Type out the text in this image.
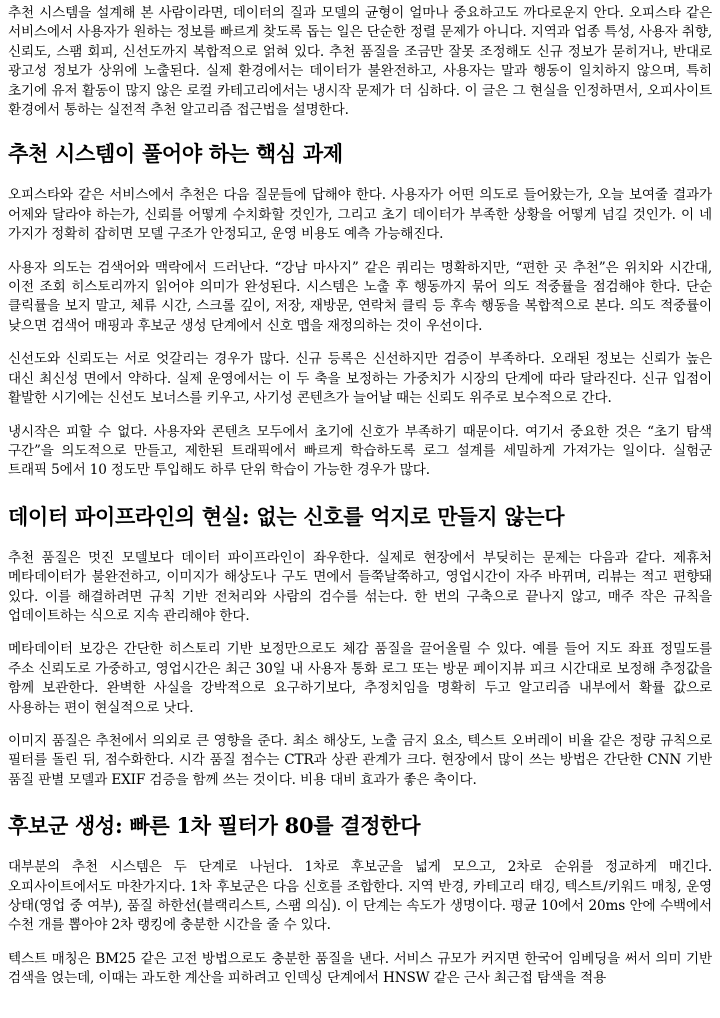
추천 시스템을 설계해 본 사람이라면, 데이터의 질과 모델의 균형이 얼마나 중요하고도 까다로운지 안다. 오피스타 같은 서비스에서 사용자가 원하는 정보를 빠르게 찾도록 돕는 일은 단순한 정렬 문제가 아니다. 지역과 업종 특성, 사용자 취향, 신뢰도, 스팸 회피, 신선도까지 복합적으로 얽혀 있다. 추천 품질을 조금만 잘못 조정해도 신규 정보가 묻히거나, 반대로 광고성 정보가 상위에 노출된다. 실제 환경에서는 데이터가 불완전하고, 사용자는 말과 행동이 일치하지 않으며, 특히 초기에 유저 활동이 많지 않은 로컬 카테고리에서는 냉시작 문제가 더 심하다. 이 글은 그 현실을 인정하면서, 오피사이트 환경에서 통하는 실전적 추천 알고리즘 접근법을 설명한다.

추천 시스템이 풀어야 하는 핵심 과제

오피스타와 같은 서비스에서 추천은 다음 질문들에 답해야 한다. 사용자가 어떤 의도로 들어왔는가, 오늘 보여줄 결과가 어제와 달라야 하는가, 신뢰를 어떻게 수치화할 것인가, 그리고 초기 데이터가 부족한 상황을 어떻게 넘길 것인가. 이 네 가지가 정확히 잡히면 모델 구조가 안정되고, 운영 비용도 예측 가능해진다.

사용자 의도는 검색어와 맥락에서 드러난다. “강남 마사지” 같은 쿼리는 명확하지만, “편한 곳 추천”은 위치와 시간대, 이전 조회 히스토리까지 읽어야 의미가 완성된다. 시스템은 노출 후 행동까지 묶어 의도 적중률을 점검해야 한다. 단순 클릭률을 보지 말고, 체류 시간, 스크롤 깊이, 저장, 재방문, 연락처 클릭 등 후속 행동을 복합적으로 본다. 의도 적중률이 낮으면 검색어 매핑과 후보군 생성 단계에서 신호 맵을 재정의하는 것이 우선이다.

신선도와 신뢰도는 서로 엇갈리는 경우가 많다. 신규 등록은 신선하지만 검증이 부족하다. 오래된 정보는 신뢰가 높은 대신 최신성 면에서 약하다. 실제 운영에서는 이 두 축을 보정하는 가중치가 시장의 단계에 따라 달라진다. 신규 입점이 활발한 시기에는 신선도 보너스를 키우고, 사기성 콘텐츠가 늘어날 때는 신뢰도 위주로 보수적으로 간다.

냉시작은 피할 수 없다. 사용자와 콘텐츠 모두에서 초기에 신호가 부족하기 때문이다. 여기서 중요한 것은 “초기 탐색 구간”을 의도적으로 만들고, 제한된 트래픽에서 빠르게 학습하도록 로그 설계를 세밀하게 가져가는 일이다. 실험군 트래픽 5에서 10 정도만 투입해도 하루 단위 학습이 가능한 경우가 많다.

데이터 파이프라인의 현실: 없는 신호를 억지로 만들지 않는다

추천 품질은 멋진 모델보다 데이터 파이프라인이 좌우한다. 실제로 현장에서 부딪히는 문제는 다음과 같다. 제휴처 메타데이터가 불완전하고, 이미지가 해상도나 구도 면에서 들쭉날쭉하고, 영업시간이 자주 바뀌며, 리뷰는 적고 편향돼 있다. 이를 해결하려면 규칙 기반 전처리와 사람의 검수를 섞는다. 한 번의 구축으로 끝나지 않고, 매주 작은 규칙을 업데이트하는 식으로 지속 관리해야 한다.

메타데이터 보강은 간단한 히스토리 기반 보정만으로도 체감 품질을 끌어올릴 수 있다. 예를 들어 지도 좌표 정밀도를 주소 신뢰도로 가중하고, 영업시간은 최근 30일 내 사용자 통화 로그 또는 방문 페이지뷰 피크 시간대로 보정해 추정값을 함께 보관한다. 완벽한 사실을 강박적으로 요구하기보다, 추정치임을 명확히 두고 알고리즘 내부에서 확률 값으로 사용하는 편이 현실적으로 낫다.

이미지 품질은 추천에서 의외로 큰 영향을 준다. 최소 해상도, 노출 금지 요소, 텍스트 오버레이 비율 같은 정량 규칙으로 필터를 돌린 뒤, 점수화한다. 시각 품질 점수는 CTR과 상관 관계가 크다. 현장에서 많이 쓰는 방법은 간단한 CNN 기반 품질 판별 모델과 EXIF 검증을 함께 쓰는 것이다. 비용 대비 효과가 좋은 축이다.

후보군 생성: 빠른 1차 필터가 80를 결정한다

대부분의 추천 시스템은 두 단계로 나뉜다. 1차로 후보군을 넓게 모으고, 2차로 순위를 정교하게 매긴다. 오피사이트에서도 마찬가지다. 1차 후보군은 다음 신호를 조합한다. 지역 반경, 카테고리 태깅, 텍스트/키워드 매칭, 운영 상태(영업 중 여부), 품질 하한선(블랙리스트, 스팸 의심). 이 단계는 속도가 생명이다. 평균 10에서 20ms 안에 수백에서 수천 개를 뽑아야 2차 랭킹에 충분한 시간을 줄 수 있다.

텍스트 매칭은 BM25 같은 고전 방법으로도 충분한 품질을 낸다. 서비스 규모가 커지면 한국어 임베딩을 써서 의미 기반 검색을 얹는데, 이때는 과도한 계산을 피하려고 인덱싱 단계에서 HNSW 같은 근사 최근접 탐색을 적용
